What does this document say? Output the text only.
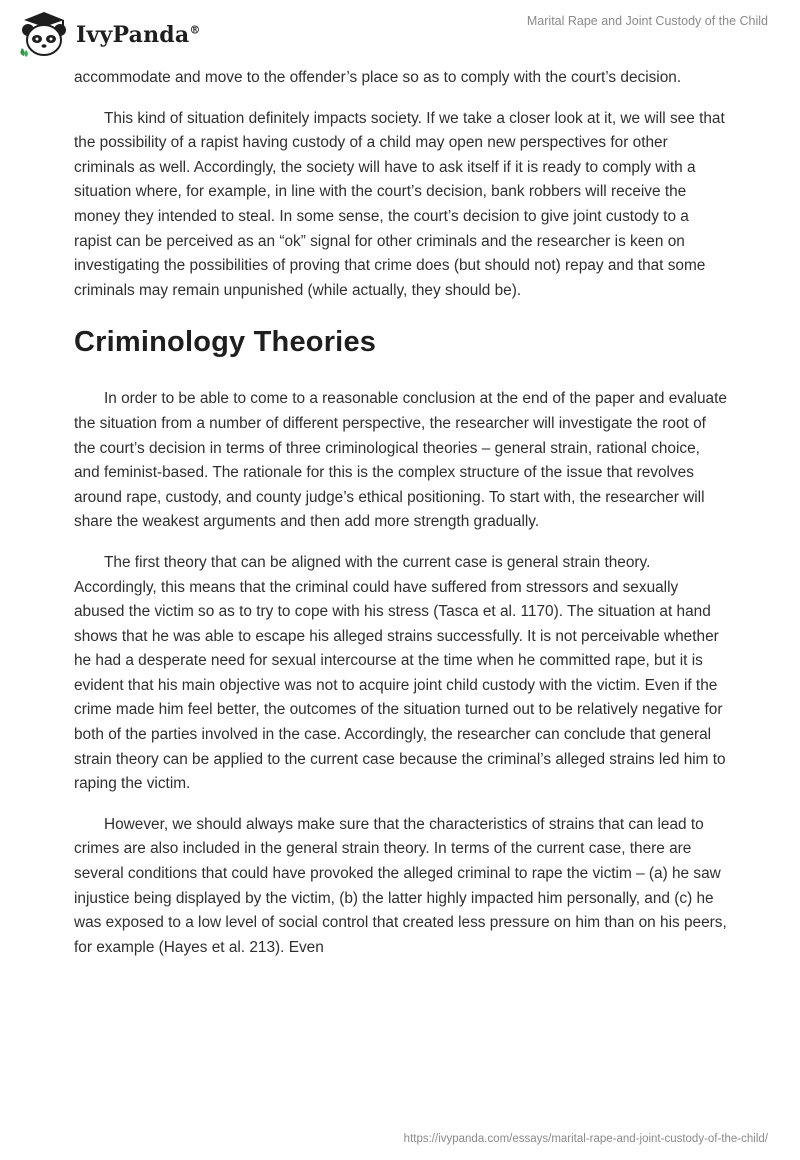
IvyPanda®
Marital Rape and Joint Custody of the Child

accommodate and move to the offender’s place so as to comply with the court’s decision.

This kind of situation definitely impacts society. If we take a closer look at it, we will see that the possibility of a rapist having custody of a child may open new perspectives for other criminals as well. Accordingly, the society will have to ask itself if it is ready to comply with a situation where, for example, in line with the court’s decision, bank robbers will receive the money they intended to steal. In some sense, the court’s decision to give joint custody to a rapist can be perceived as an “ok” signal for other criminals and the researcher is keen on investigating the possibilities of proving that crime does (but should not) repay and that some criminals may remain unpunished (while actually, they should be).

Criminology Theories

In order to be able to come to a reasonable conclusion at the end of the paper and evaluate the situation from a number of different perspective, the researcher will investigate the root of the court’s decision in terms of three criminological theories – general strain, rational choice, and feminist-based. The rationale for this is the complex structure of the issue that revolves around rape, custody, and county judge’s ethical positioning. To start with, the researcher will share the weakest arguments and then add more strength gradually.

The first theory that can be aligned with the current case is general strain theory. Accordingly, this means that the criminal could have suffered from stressors and sexually abused the victim so as to try to cope with his stress (Tasca et al. 1170). The situation at hand shows that he was able to escape his alleged strains successfully. It is not perceivable whether he had a desperate need for sexual intercourse at the time when he committed rape, but it is evident that his main objective was not to acquire joint child custody with the victim. Even if the crime made him feel better, the outcomes of the situation turned out to be relatively negative for both of the parties involved in the case. Accordingly, the researcher can conclude that general strain theory can be applied to the current case because the criminal’s alleged strains led him to raping the victim.

However, we should always make sure that the characteristics of strains that can lead to crimes are also included in the general strain theory. In terms of the current case, there are several conditions that could have provoked the alleged criminal to rape the victim – (a) he saw injustice being displayed by the victim, (b) the latter highly impacted him personally, and (c) he was exposed to a low level of social control that created less pressure on him than on his peers, for example (Hayes et al. 213). Even

https://ivypanda.com/essays/marital-rape-and-joint-custody-of-the-child/
